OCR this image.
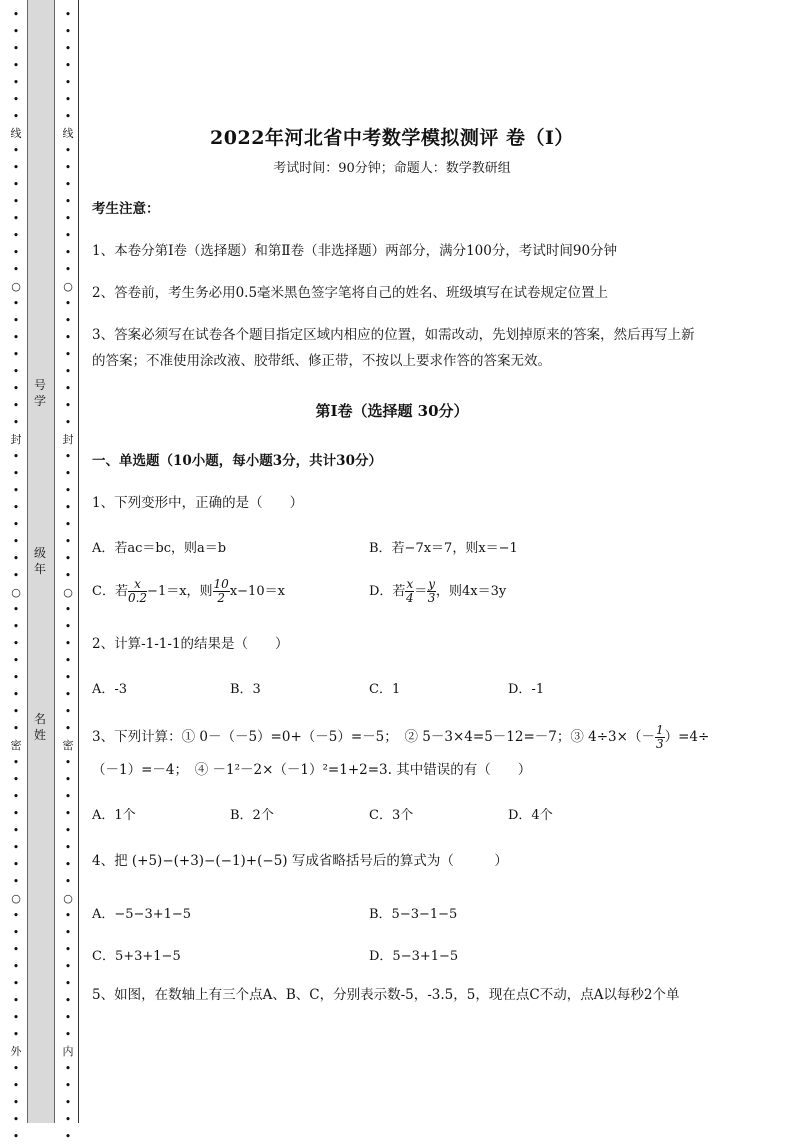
•
•
•
•
•
•
•
线
•
•
•
•
•
•
•
•
○
•
•
•
•
•
•
•
•
封
•
•
•
•
•
•
•
•
○
•
•
•
•
•
•
•
•
密
•
•
•
•
•
•
•
•
○
•
•
•
•
•
•
•
•
外
•
•
•
•
•
•
•
•
•
•
•
•
线
•
•
•
•
•
•
•
•
○
•
•
•
•
•
•
•
•
封
•
•
•
•
•
•
•
•
○
•
•
•
•
•
•
•
•
密
•
•
•
•
•
•
•
•
○
•
•
•
•
•
•
•
•
内
•
•
•
•
•
号
学
级
年
名
姓
2022年河北省中考数学模拟测评 卷（Ⅰ）
考试时间：90分钟；命题人：数学教研组
考生注意：
1、本卷分第Ⅰ卷（选择题）和第Ⅱ卷（非选择题）两部分，满分100分，考试时间90分钟
2、答卷前，考生务必用0.5毫米黑色签字笔将自己的姓名、班级填写在试卷规定位置上
3、答案必须写在试卷各个题目指定区域内相应的位置，如需改动，先划掉原来的答案，然后再写上新
的答案；不准使用涂改液、胶带纸、修正带，不按以上要求作答的答案无效。
第Ⅰ卷（选择题 30分）
一、单选题（10小题，每小题3分，共计30分）
1、下列变形中，正确的是（　　）
A．若ac＝bc，则a＝b	B．若−7x＝7，则x＝−1
C．若 $\frac{x}{0.2} -1=x$，则 $\frac{10}{2} x-10=x$	D．若 $\frac{x}{4} = \frac{y}{3}$ ，则4x＝3y
2、计算-1-1-1的结果是（　　）
A．-3	B．3	C．1	D．-1
3、下列计算：① 0－（－5）=0+（－5）=－5；　② 5－3×4=5－12=－7；③ $4\div 3\times(- \frac{1}{3} )=4\div$
（－1）=－4；　④ －1²－2×（－1）²=1+2=3. 其中错误的有（　　）
A．1个	B．2个	C．3个	D．4个
4、把 (+5)−(+3)−(−1)+(−5) 写成省略括号后的算式为（　　　）
A．−5−3+1−5	B．5−3−1−5
C．5+3+1−5	D．5−3+1−5
5、如图，在数轴上有三个点A、B、C，分别表示数-5，-3.5，5，现在点C不动，点A以每秒2个单
